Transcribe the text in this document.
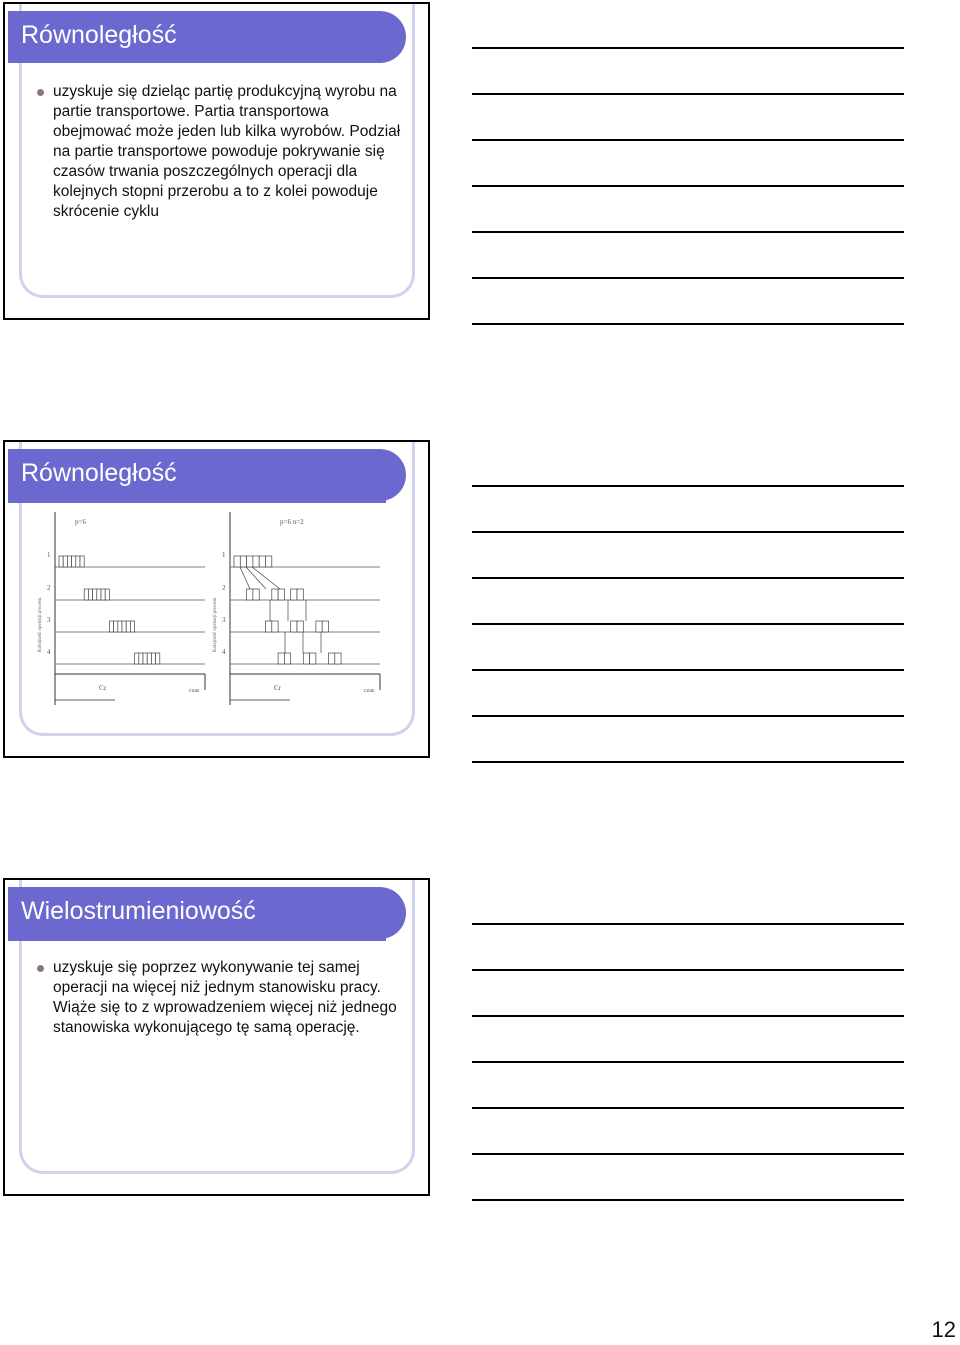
Równoległość
uzyskuje się dzieląc partię produkcyjną wyrobu na partie transportowe. Partia transportowa obejmować może jeden lub kilka wyrobów. Podział na partie transportowe powoduje pokrywanie się czasów trwania poszczególnych operacji dla kolejnych stopni przerobu a to z kolei powoduje skrócenie cyklu
Równoległość
1
2
3
4
p=6
Kolejność operacji procesu
Cc	czas
1
2
3
4
p=6 n=2
Kolejność operacji procesu
Cr	czas
Wielostrumieniowość
uzyskuje się poprzez wykonywanie tej samej operacji na więcej niż jednym stanowisku pracy. Wiąże się to z wprowadzeniem więcej niż jednego stanowiska wykonującego tę samą operację.
12
